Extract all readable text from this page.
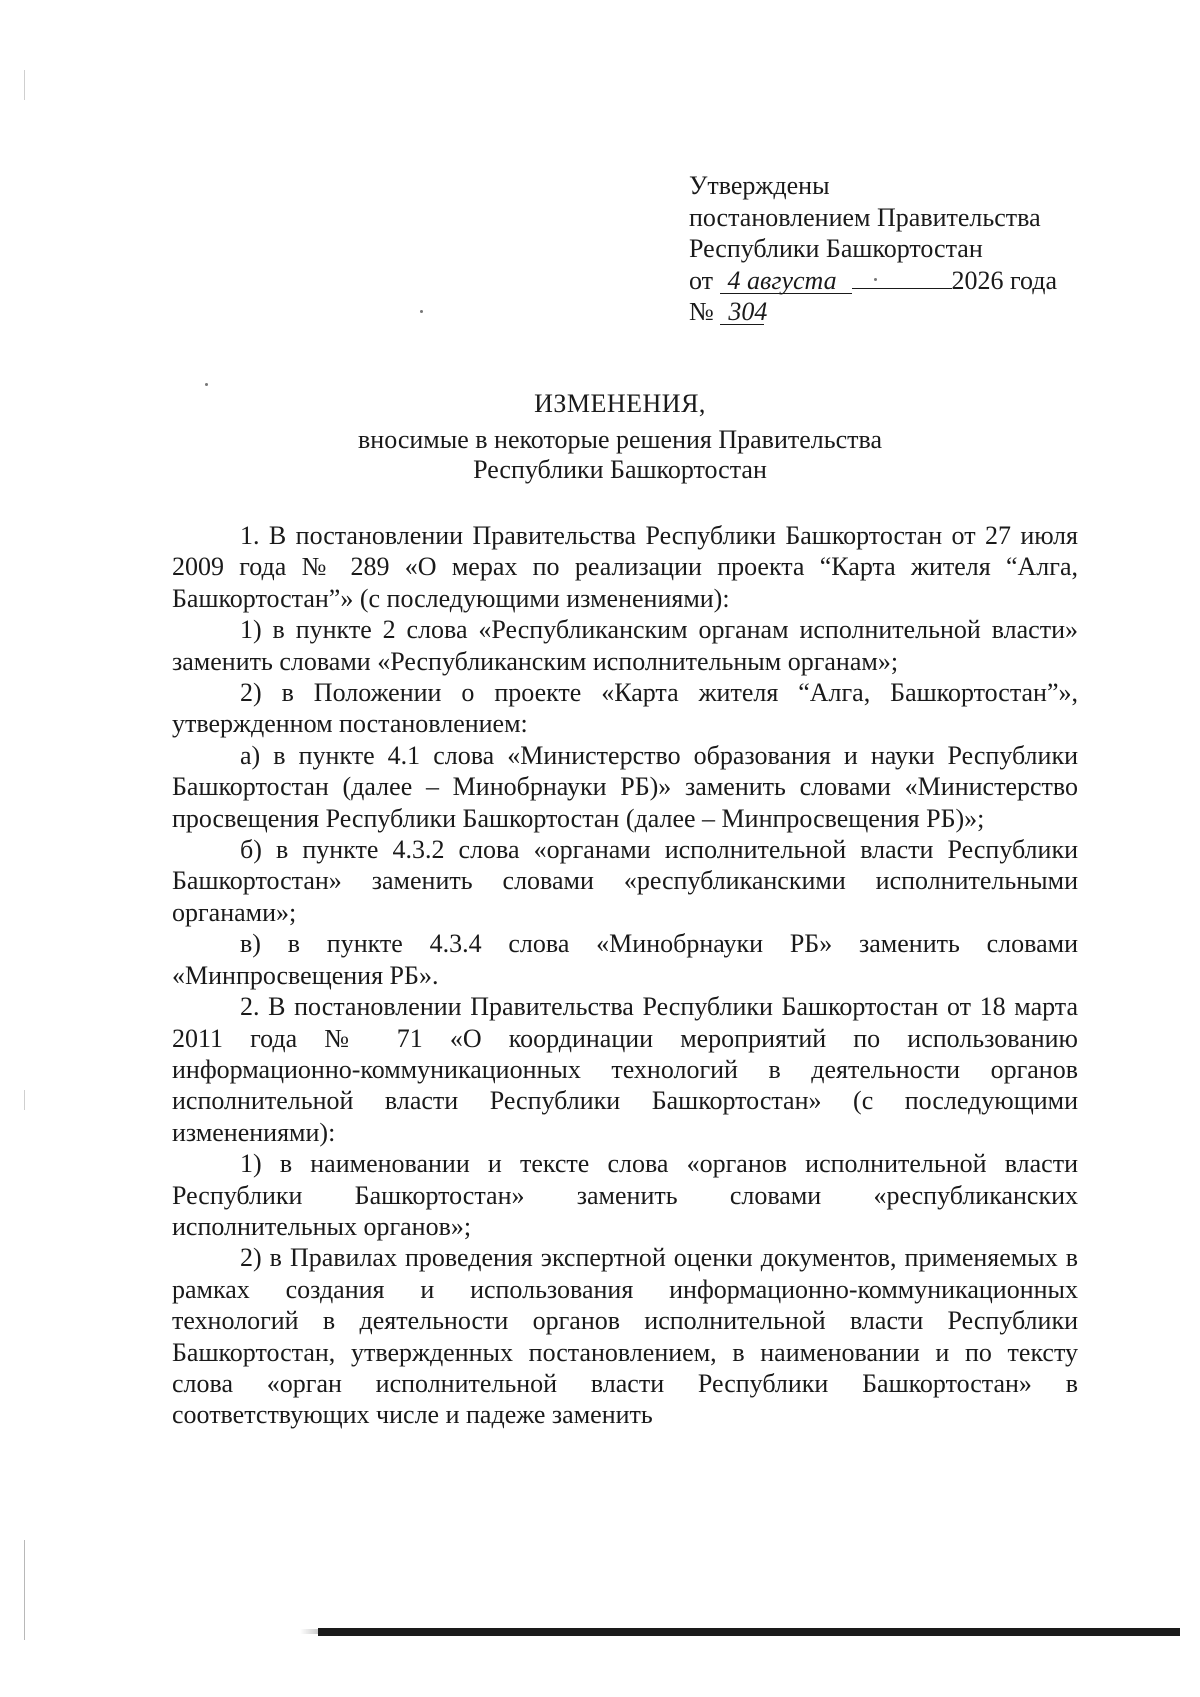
Утверждены
постановлением Правительства
Республики Башкортостан
от 4 августа	2026 года
№ 304
ИЗМЕНЕНИЯ,
вносимые в некоторые решения Правительства
Республики Башкортостан

1. В постановлении Правительства Республики Башкортостан от 27 июля 2009 года № 289 «О мерах по реализации проекта “Карта жителя “Алга, Башкортостан”» (с последующими изменениями):

1) в пункте 2 слова «Республиканским органам исполнительной власти» заменить словами «Республиканским исполнительным органам»;

2) в Положении о проекте «Карта жителя “Алга, Башкортостан”», утвержденном постановлением:

а) в пункте 4.1 слова «Министерство образования и науки Республики Башкортостан (далее – Минобрнауки РБ)» заменить словами «Министерство просвещения Республики Башкортостан (далее – Минпросвещения РБ)»;

б) в пункте 4.3.2 слова «органами исполнительной власти Республики Башкортостан» заменить словами «республиканскими исполнительными органами»;

в) в пункте 4.3.4 слова «Минобрнауки РБ» заменить словами «Минпросвещения РБ».

2. В постановлении Правительства Республики Башкортостан от 18 марта 2011 года № 71 «О координации мероприятий по использованию информационно-коммуникационных технологий в деятельности органов исполнительной власти Республики Башкортостан» (с последующими изменениями):

1) в наименовании и тексте слова «органов исполнительной власти Республики Башкортостан» заменить словами «республиканских исполнительных органов»;

2) в Правилах проведения экспертной оценки документов, применяемых в рамках создания и использования информационно-коммуникационных технологий в деятельности органов исполнительной власти Республики Башкортостан, утвержденных постановлением, в наименовании и по тексту слова «орган исполнительной власти Республики Башкортостан» в соответствующих числе и падеже заменить
